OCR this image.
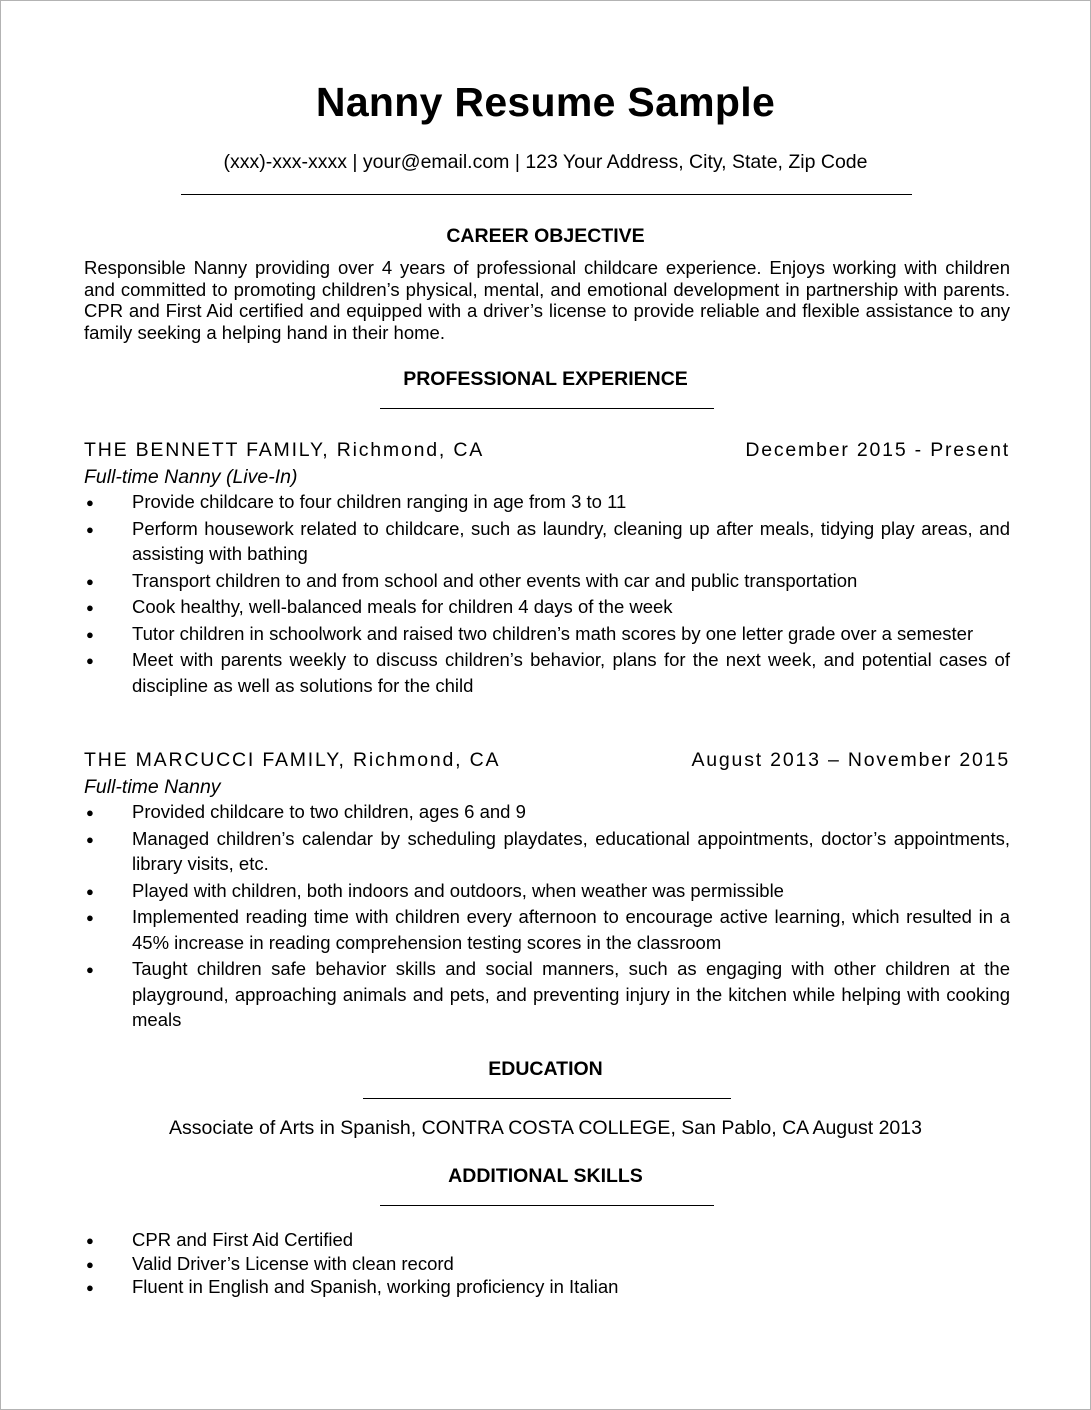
Nanny Resume Sample
(xxx)-xxx-xxxx | your@email.com | 123 Your Address, City, State, Zip Code
CAREER OBJECTIVE
Responsible Nanny providing over 4 years of professional childcare experience. Enjoys working with children and committed to promoting children’s physical, mental, and emotional development in partnership with parents. CPR and First Aid certified and equipped with a driver’s license to provide reliable and flexible assistance to any family seeking a helping hand in their home.
PROFESSIONAL EXPERIENCE
THE BENNETT FAMILY, Richmond, CA	December 2015 - Present
Full-time Nanny (Live-In)
● Provide childcare to four children ranging in age from 3 to 11
● Perform housework related to childcare, such as laundry, cleaning up after meals, tidying play areas, and assisting with bathing
● Transport children to and from school and other events with car and public transportation
● Cook healthy, well-balanced meals for children 4 days of the week
● Tutor children in schoolwork and raised two children’s math scores by one letter grade over a semester
● Meet with parents weekly to discuss children’s behavior, plans for the next week, and potential cases of discipline as well as solutions for the child
THE MARCUCCI FAMILY, Richmond, CA	August 2013 – November 2015
Full-time Nanny
● Provided childcare to two children, ages 6 and 9
● Managed children’s calendar by scheduling playdates, educational appointments, doctor’s appointments, library visits, etc.
● Played with children, both indoors and outdoors, when weather was permissible
● Implemented reading time with children every afternoon to encourage active learning, which resulted in a 45% increase in reading comprehension testing scores in the classroom
● Taught children safe behavior skills and social manners, such as engaging with other children at the playground, approaching animals and pets, and preventing injury in the kitchen while helping with cooking meals
EDUCATION
Associate of Arts in Spanish, CONTRA COSTA COLLEGE, San Pablo, CA August 2013
ADDITIONAL SKILLS
● CPR and First Aid Certified
● Valid Driver’s License with clean record
● Fluent in English and Spanish, working proficiency in Italian
